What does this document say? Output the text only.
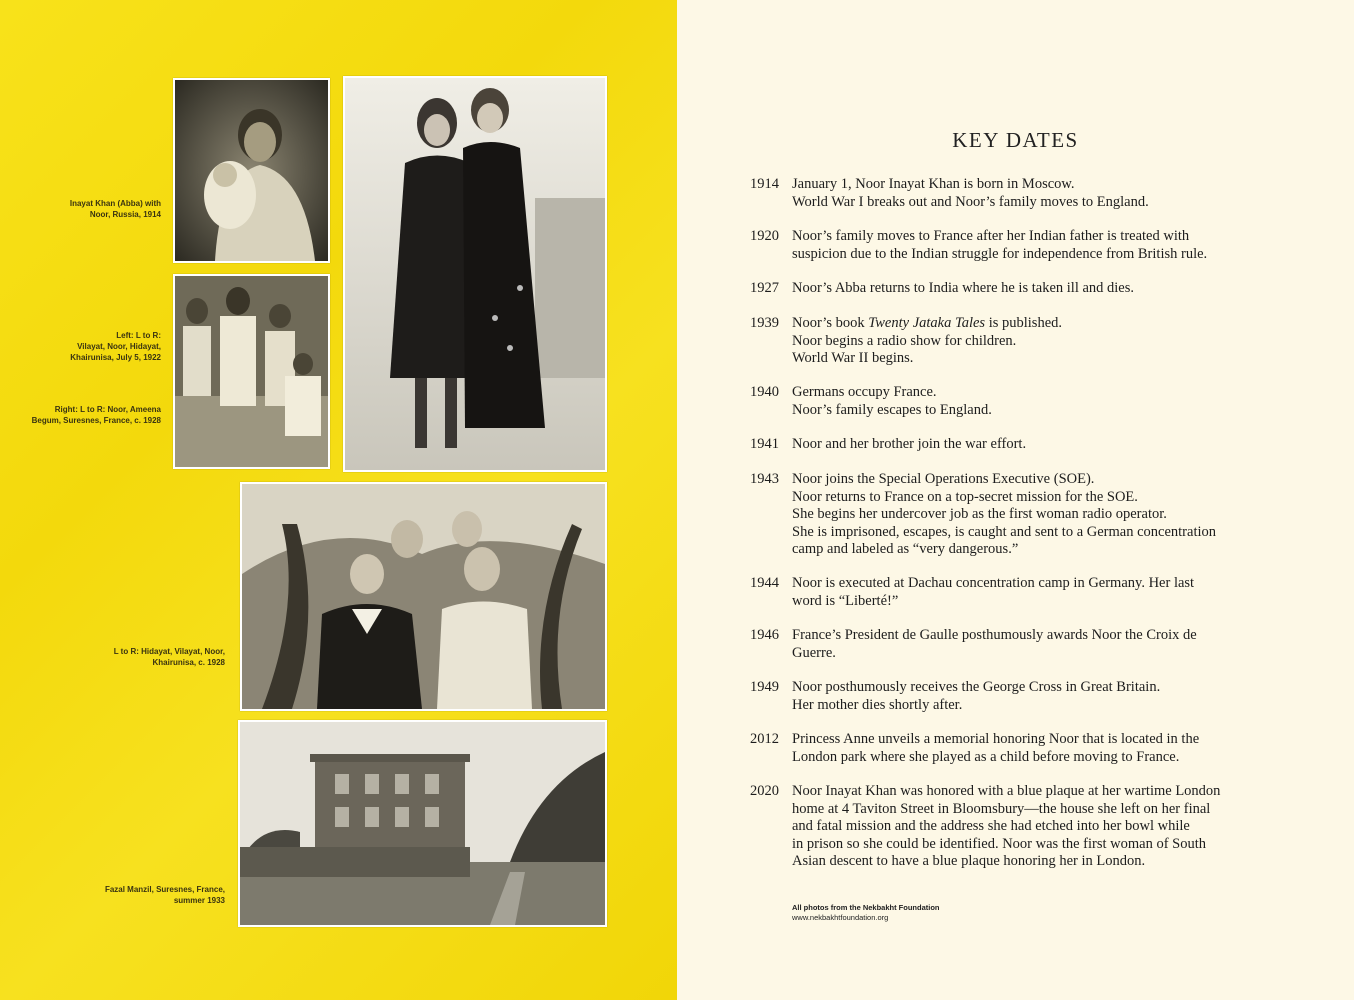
Inayat Khan (Abba) with
Noor, Russia, 1914
Left: L to R:
Vilayat, Noor, Hidayat,
Khairunisa, July 5, 1922
Right: L to R: Noor, Ameena
Begum, Suresnes, France, c. 1928
L to R: Hidayat, Vilayat, Noor,
Khairunisa, c. 1928
Fazal Manzil, Suresnes, France,
summer 1933
KEY DATES
1914 January 1, Noor Inayat Khan is born in Moscow.
World War I breaks out and Noor’s family moves to England.
1920 Noor’s family moves to France after her Indian father is treated with
suspicion due to the Indian struggle for independence from British rule.
1927 Noor’s Abba returns to India where he is taken ill and dies.
1939 Noor’s book Twenty Jataka Tales is published.
Noor begins a radio show for children.
World War II begins.
1940 Germans occupy France.
Noor’s family escapes to England.
1941 Noor and her brother join the war effort.
1943 Noor joins the Special Operations Executive (SOE).
Noor returns to France on a top-secret mission for the SOE.
She begins her undercover job as the first woman radio operator.
She is imprisoned, escapes, is caught and sent to a German concentration
camp and labeled as “very dangerous.”
1944 Noor is executed at Dachau concentration camp in Germany. Her last
word is “Liberté!”
1946 France’s President de Gaulle posthumously awards Noor the Croix de
Guerre.
1949 Noor posthumously receives the George Cross in Great Britain.
Her mother dies shortly after.
2012 Princess Anne unveils a memorial honoring Noor that is located in the
London park where she played as a child before moving to France.
2020 Noor Inayat Khan was honored with a blue plaque at her wartime London
home at 4 Taviton Street in Bloomsbury—the house she left on her final
and fatal mission and the address she had etched into her bowl while
in prison so she could be identified. Noor was the first woman of South
Asian descent to have a blue plaque honoring her in London.
All photos from the Nekbakht Foundation
www.nekbakhtfoundation.org
